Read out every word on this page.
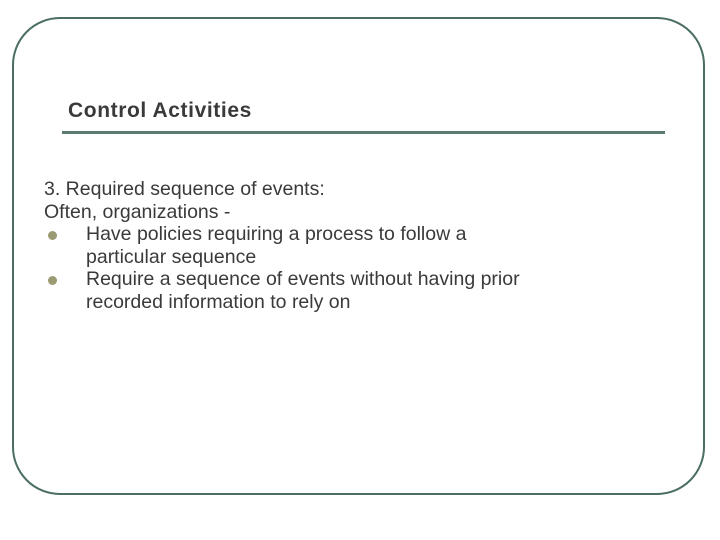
Control Activities

3. Required sequence of events:

Often, organizations -

Have policies requiring a process to follow a
particular sequence
Require a sequence of events without having prior
recorded information to rely on
